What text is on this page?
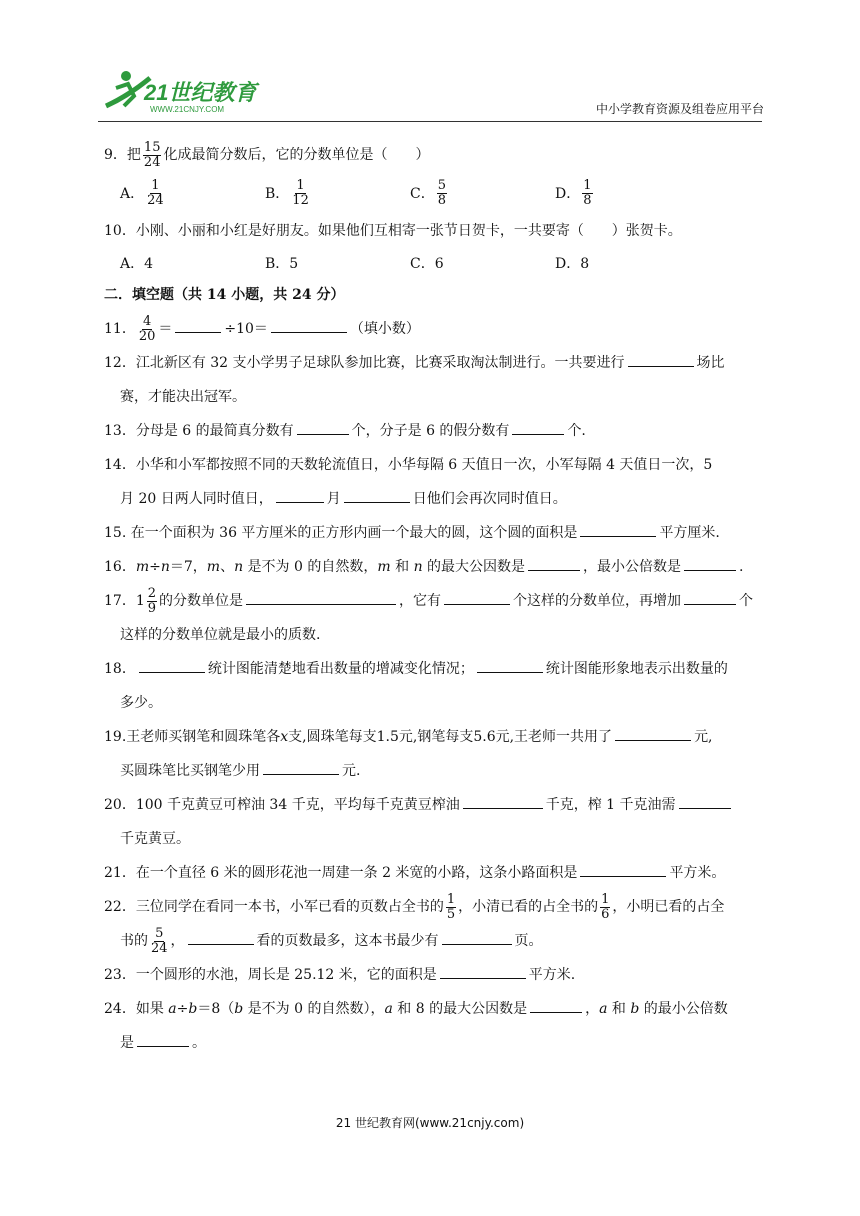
21世纪教育
WWW.21CNJY.COM	中小学教育资源及组卷应用平台

9．把 $\frac{15}{24}$ 化成最简分数后，它的分数单位是（　　）

A． $\frac{1}{24}$	B． $\frac{1}{12}$	C． $\frac{5}{8}$	D． $\frac{1}{8}$

10．小刚、小丽和小红是好朋友。如果他们互相寄一张节日贺卡，一共要寄（　　）张贺卡。

A．4	B．5	C．6	D．8

二．填空题（共 14 小题，共 24 分）

11． $\frac{4}{20}$ ＝	÷10＝	（填小数）

12．江北新区有 32 支小学男子足球队参加比赛，比赛采取淘汰制进行。一共要进行	场比

赛，才能决出冠军。

13．分母是 6 的最简真分数有	个，分子是 6 的假分数有	个.

14．小华和小军都按照不同的天数轮流值日，小华每隔 6 天值日一次，小军每隔 4 天值日一次，5

月 20 日两人同时值日，	月	日他们会再次同时值日。

15. 在一个面积为 36 平方厘米的正方形内画一个最大的圆，这个圆的面积是	平方厘米.

16．m÷n＝7，m、n 是不为 0 的自然数，m 和 n 的最大公因数是	，最小公倍数是	.

17．$1 \frac{2}{9}$ 的分数单位是	，它有	个这样的分数单位，再增加	个

这样的分数单位就是最小的质数.

18．	统计图能清楚地看出数量的增减变化情况；	统计图能形象地表示出数量的

多少。

19.王老师买钢笔和圆珠笔各x支,圆珠笔每支1.5元,钢笔每支5.6元,王老师一共用了	元,

买圆珠笔比买钢笔少用	元.

20．100 千克黄豆可榨油 34 千克，平均每千克黄豆榨油	千克，榨 1 千克油需

千克黄豆。

21．在一个直径 6 米的圆形花池一周建一条 2 米宽的小路，这条小路面积是	平方米。

22．三位同学在看同一本书，小军已看的页数占全书的 $\frac{1}{5}$ ，小清已看的占全书的 $\frac{1}{6}$ ，小明已看的占全

书的 $\frac{5}{24}$ ，	看的页数最多，这本书最少有	页。

23．一个圆形的水池，周长是 25.12 米，它的面积是	平方米.

24．如果 a÷b＝8（b 是不为 0 的自然数），a 和 8 的最大公因数是	，a 和 b 的最小公倍数

是	。

21 世纪教育网(www.21cnjy.com)
